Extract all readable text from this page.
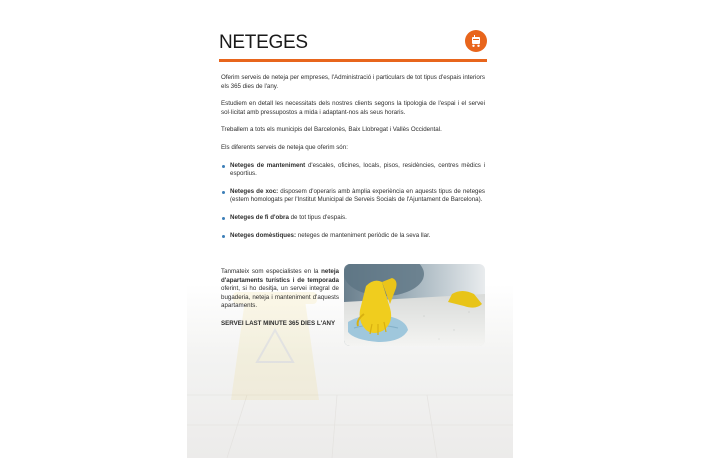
NETEGES

Oferim serveis de neteja per empreses, l'Administració i particulars de tot tipus d'espais interiors els 365 dies de l'any.

Estudiem en detall les necessitats dels nostres clients segons la tipologia de l'espai i el servei sol·licitat amb pressupostos a mida i adaptant-nos als seus horaris.

Treballem a tots els municipis del Barcelonès, Baix Llobregat i Vallès Occidental.

Els diferents serveis de neteja que oferim són:

Neteges de manteniment d'escales, oficines, locals, pisos, residències, centres mèdics i esportius.
Neteges de xoc: disposem d'operaris amb àmplia experiència en aquests tipus de neteges (estem homologats per l'Institut Municipal de Serveis Socials de l'Ajuntament de Barcelona).
Neteges de fi d'obra de tot tipus d'espais.
Neteges domèstiques: neteges de manteniment periòdic de la seva llar.

Tanmateix som especialistes en la neteja d'apartaments turístics i de temporada oferint, si ho desitja, un servei integral de bugaderia, neteja i manteniment d'aquests apartaments.

SERVEI LAST MINUTE 365 DIES L'ANY
